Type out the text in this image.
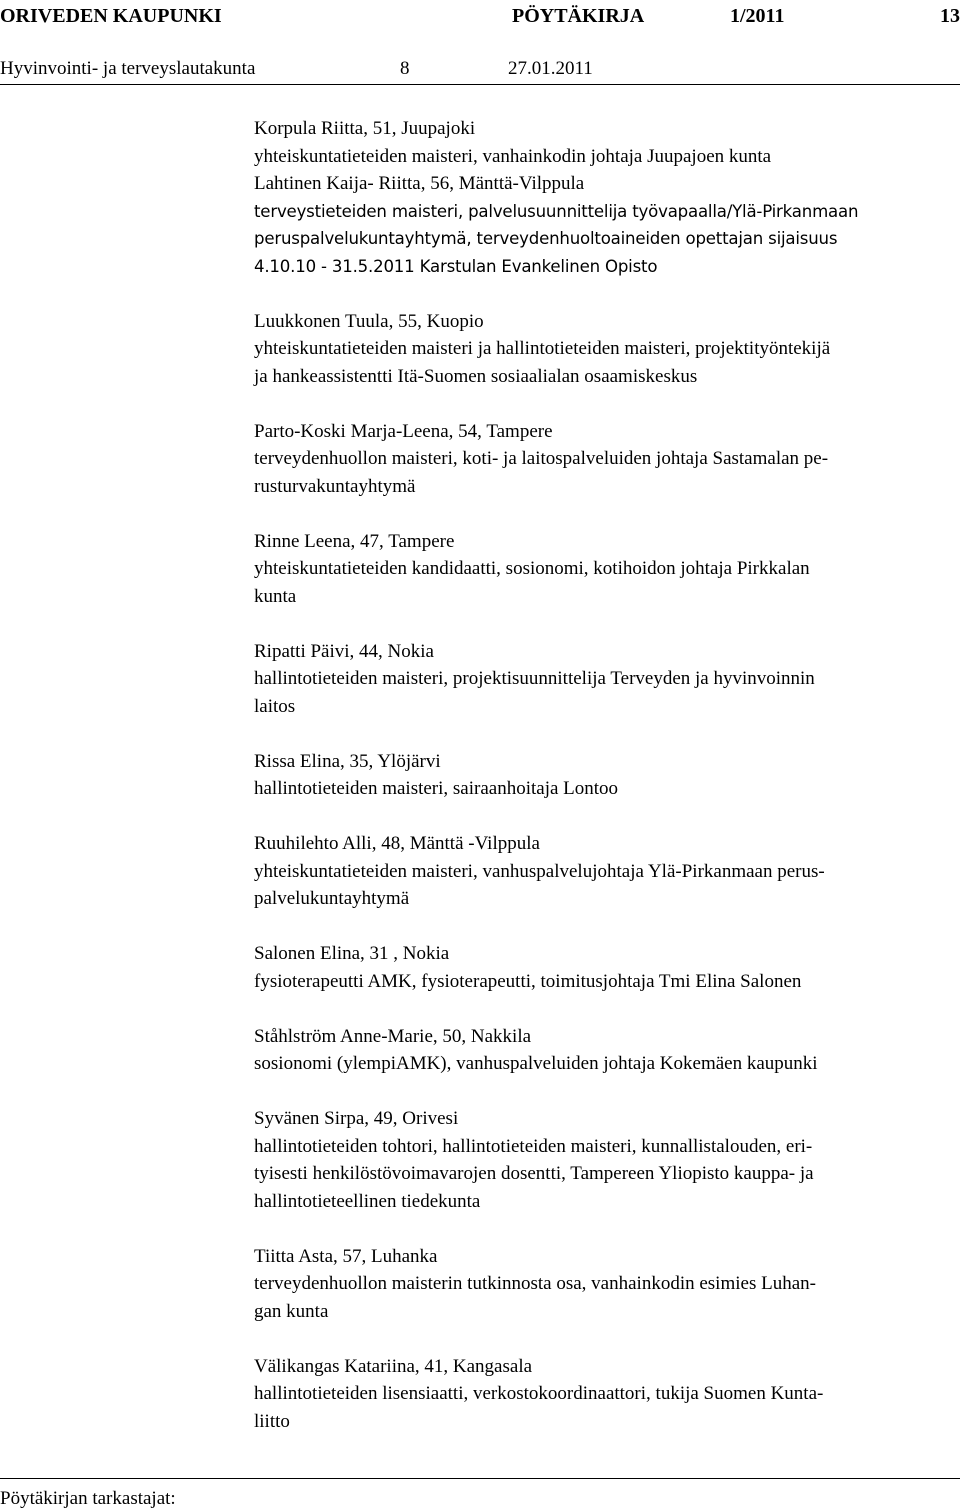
ORIVEDEN KAUPUNKI	PÖYTÄKIRJA	1/2011	13
Hyvinvointi- ja terveyslautakunta	8	27.01.2011
Korpula Riitta, 51, Juupajoki
yhteiskuntatieteiden maisteri, vanhainkodin johtaja Juupajoen kunta
Lahtinen Kaija- Riitta, 56, Mänttä-Vilppula
terveystieteiden maisteri, palvelusuunnittelija työvapaalla/Ylä-Pirkanmaan
peruspalvelukuntayhtymä, terveydenhuoltoaineiden opettajan sijaisuus
4.10.10 - 31.5.2011 Karstulan Evankelinen Opisto
Luukkonen Tuula, 55, Kuopio
yhteiskuntatieteiden maisteri ja hallintotieteiden maisteri, projektityöntekijä
ja hankeassistentti Itä-Suomen sosiaalialan osaamiskeskus
Parto-Koski Marja-Leena, 54, Tampere
terveydenhuollon maisteri, koti- ja laitospalveluiden johtaja Sastamalan pe-
rusturvakuntayhtymä
Rinne Leena, 47, Tampere
yhteiskuntatieteiden kandidaatti, sosionomi, kotihoidon johtaja Pirkkalan
kunta
Ripatti Päivi, 44, Nokia
hallintotieteiden maisteri, projektisuunnittelija Terveyden ja hyvinvoinnin
laitos
Rissa Elina, 35, Ylöjärvi
hallintotieteiden maisteri, sairaanhoitaja Lontoo
Ruuhilehto Alli, 48, Mänttä -Vilppula
yhteiskuntatieteiden maisteri, vanhuspalvelujohtaja Ylä-Pirkanmaan perus-
palvelukuntayhtymä
Salonen Elina, 31 , Nokia
fysioterapeutti AMK, fysioterapeutti, toimitusjohtaja Tmi Elina Salonen
Ståhlström Anne-Marie, 50, Nakkila
sosionomi (ylempiAMK), vanhuspalveluiden johtaja Kokemäen kaupunki
Syvänen Sirpa, 49, Orivesi
hallintotieteiden tohtori, hallintotieteiden maisteri, kunnallistalouden, eri-
tyisesti henkilöstövoimavarojen dosentti, Tampereen Yliopisto kauppa- ja
hallintotieteellinen tiedekunta
Tiitta Asta, 57, Luhanka
terveydenhuollon maisterin tutkinnosta osa, vanhainkodin esimies Luhan-
gan kunta
Välikangas Katariina, 41, Kangasala
hallintotieteiden lisensiaatti, verkostokoordinaattori, tukija Suomen Kunta-
liitto
Pöytäkirjan tarkastajat:
